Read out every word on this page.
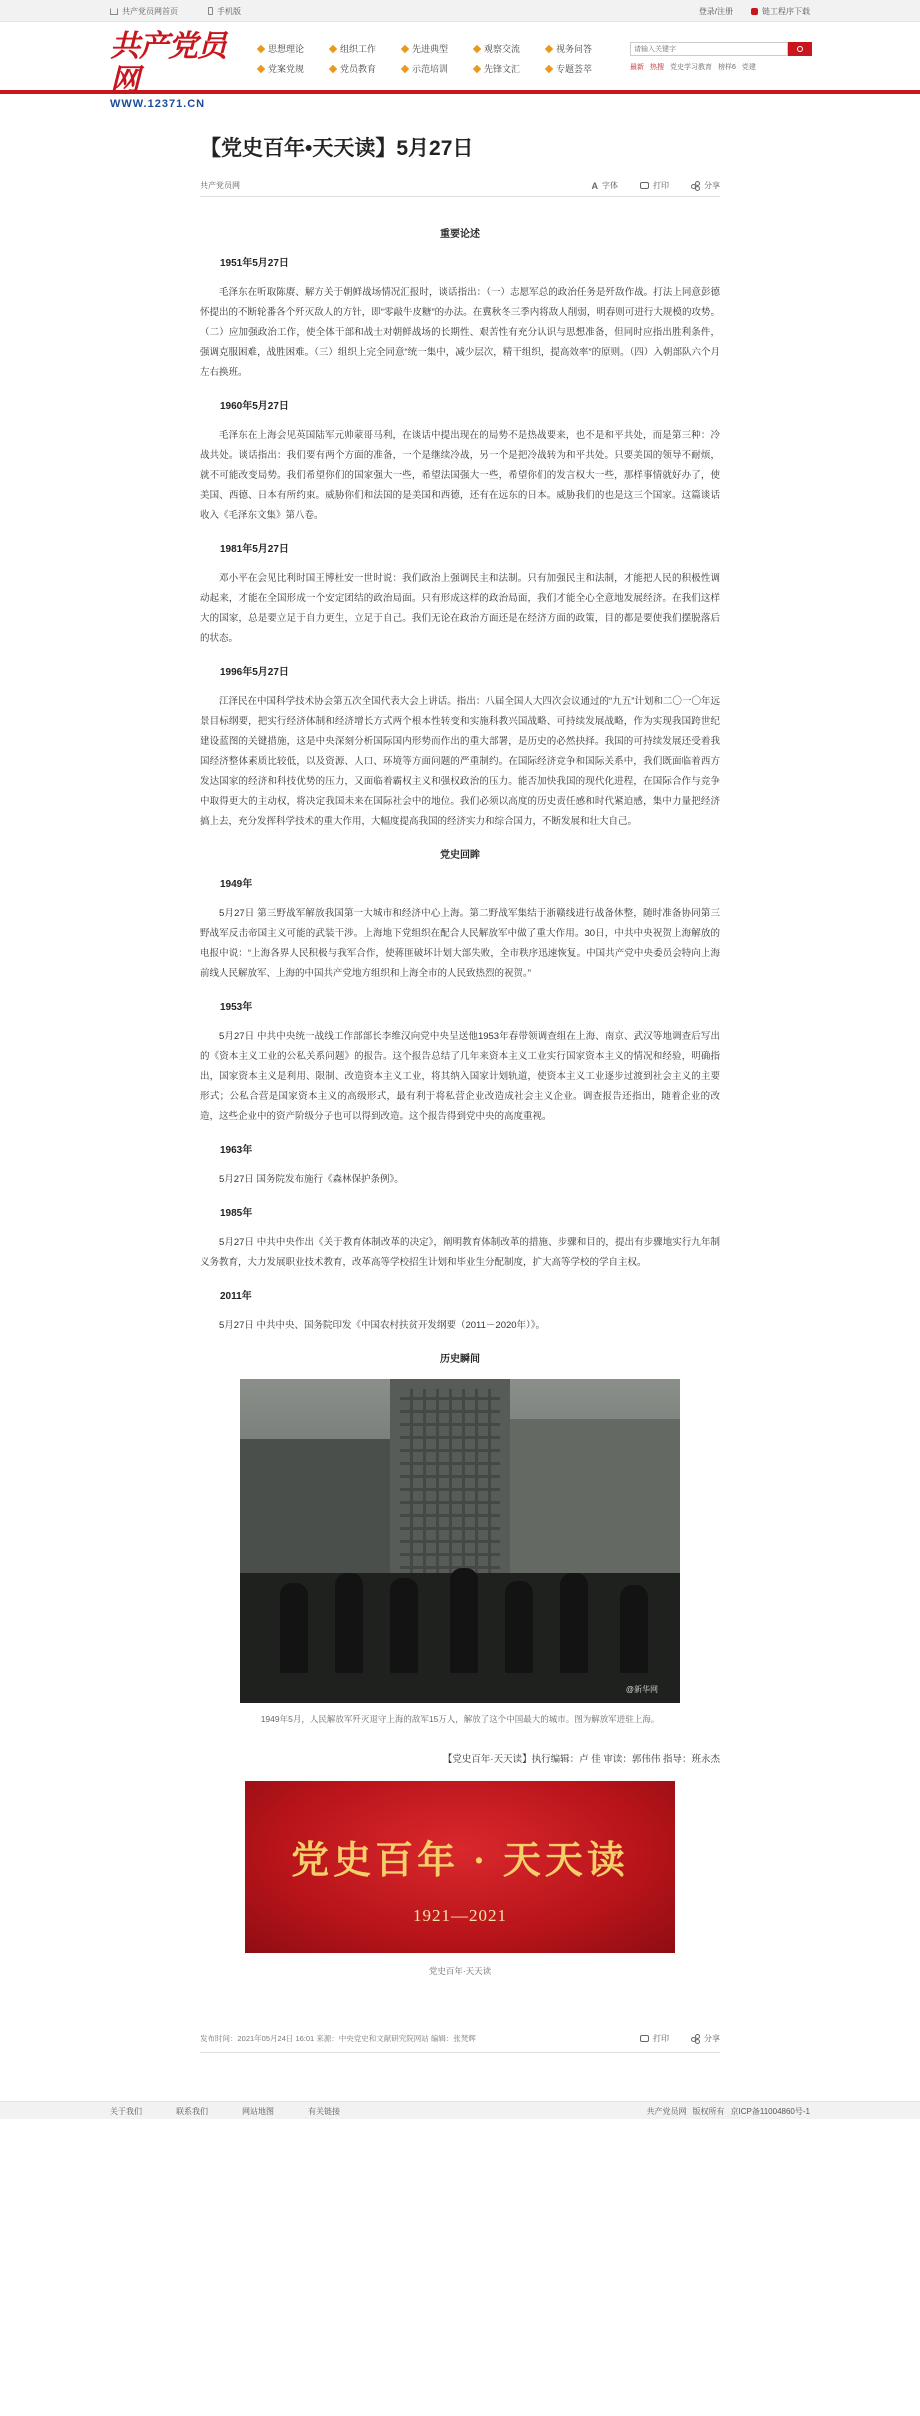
共产党员网首页	手机版	登录/注册	链工程序下载
共产党员网
WWW.12371.CN
思想理论	组织工作	先进典型	观察交流	视务问答
党案党规	党员教育	示范培训	先锋文汇	专题荟萃
请输入关键字	最新 热搜 党史学习教育 榜样6 党建
【党史百年•天天读】5月27日
共产党员网	A 字体	打印	分享
重要论述
1951年5月27日

毛泽东在听取陈赓、解方关于朝鲜战场情况汇报时，谈话指出：（一）志愿军总的政治任务是歼敌作战。打法上同意彭德怀提出的不断轮番各个歼灭敌人的方针，即“零敲牛皮糖”的办法。在冀秋冬三季内将敌人削弱，明春则可进行大规模的攻势。（二）应加强政治工作，使全体干部和战士对朝鲜战场的长期性、艰苦性有充分认识与思想准备，但同时应指出胜利条件，强调克服困难，战胜困难。（三）组织上完全同意“统一集中，减少层次，精干组织，提高效率”的原则。（四）入朝部队六个月左右换班。

1960年5月27日

毛泽东在上海会见英国陆军元帅蒙哥马利，在谈话中提出现在的局势不是热战要来，也不是和平共处，而是第三种：冷战共处。谈话指出：我们要有两个方面的准备，一个是继续冷战，另一个是把冷战转为和平共处。只要美国的领导不耐烦，就不可能改变局势。我们希望你们的国家强大一些，希望法国强大一些，希望你们的发言权大一些，那样事情就好办了，使美国、西德、日本有所约束。威胁你们和法国的是美国和西德，还有在远东的日本。威胁我们的也是这三个国家。这篇谈话收入《毛泽东文集》第八卷。

1981年5月27日

邓小平在会见比利时国王博杜安一世时说：我们政治上强调民主和法制。只有加强民主和法制，才能把人民的积极性调动起来，才能在全国形成一个安定团结的政治局面。只有形成这样的政治局面，我们才能全心全意地发展经济。在我们这样大的国家，总是要立足于自力更生，立足于自己。我们无论在政治方面还是在经济方面的政策，目的都是要使我们摆脱落后的状态。

1996年5月27日

江泽民在中国科学技术协会第五次全国代表大会上讲话。指出：八届全国人大四次会议通过的“九五”计划和二〇一〇年远景目标纲要，把实行经济体制和经济增长方式两个根本性转变和实施科教兴国战略、可持续发展战略，作为实现我国跨世纪建设蓝图的关键措施，这是中央深刻分析国际国内形势而作出的重大部署，是历史的必然抉择。我国的可持续发展还受着我国经济整体素质比较低，以及资源、人口、环境等方面问题的严重制约。在国际经济竞争和国际关系中，我们既面临着西方发达国家的经济和科技优势的压力，又面临着霸权主义和强权政治的压力。能否加快我国的现代化进程，在国际合作与竞争中取得更大的主动权，将决定我国未来在国际社会中的地位。我们必须以高度的历史责任感和时代紧迫感，集中力量把经济搞上去，充分发挥科学技术的重大作用，大幅度提高我国的经济实力和综合国力，不断发展和壮大自己。

党史回眸
1949年

5月27日 第三野战军解放我国第一大城市和经济中心上海。第二野战军集结于浙赣线进行战备休整，随时准备协同第三野战军反击帝国主义可能的武装干涉。上海地下党组织在配合人民解放军中做了重大作用。30日，中共中央祝贺上海解放的电报中说：“上海各界人民积极与我军合作，使蒋匪破坏计划大部失败，全市秩序迅速恢复。中国共产党中央委员会特向上海前线人民解放军、上海的中国共产党地方组织和上海全市的人民致热烈的祝贺。”

1953年

5月27日 中共中央统一战线工作部部长李维汉向党中央呈送他1953年春带领调查组在上海、南京、武汉等地调查后写出的《资本主义工业的公私关系问题》的报告。这个报告总结了几年来资本主义工业实行国家资本主义的情况和经验，明确指出，国家资本主义是利用、限制、改造资本主义工业，将其纳入国家计划轨道，使资本主义工业逐步过渡到社会主义的主要形式；公私合营是国家资本主义的高级形式，最有利于将私营企业改造成社会主义企业。调查报告还指出，随着企业的改造，这些企业中的资产阶级分子也可以得到改造。这个报告得到党中央的高度重视。

1963年

5月27日 国务院发布施行《森林保护条例》。

1985年

5月27日 中共中央作出《关于教育体制改革的决定》，阐明教育体制改革的措施、步骤和目的，提出有步骤地实行九年制义务教育，大力发展职业技术教育，改革高等学校招生计划和毕业生分配制度，扩大高等学校的学自主权。

2011年

5月27日 中共中央、国务院印发《中国农村扶贫开发纲要（2011－2020年）》。

历史瞬间
@新华网
1949年5月，人民解放军歼灭退守上海的敌军15万人，解放了这个中国最大的城市。图为解放军进驻上海。
【党史百年·天天读】执行编辑：卢 佳 审读：郭伟伟 指导：班永杰
党史百年 · 天天读
1921—2021
党史百年·天天读
发布时间：2021年05月24日 16:01 来源：中央党史和文献研究院网站 编辑：张梵辉	打印	分享
关于我们	联系我们	网站地图	有关链接	共产党员网 版权所有 京ICP备11004860号-1
